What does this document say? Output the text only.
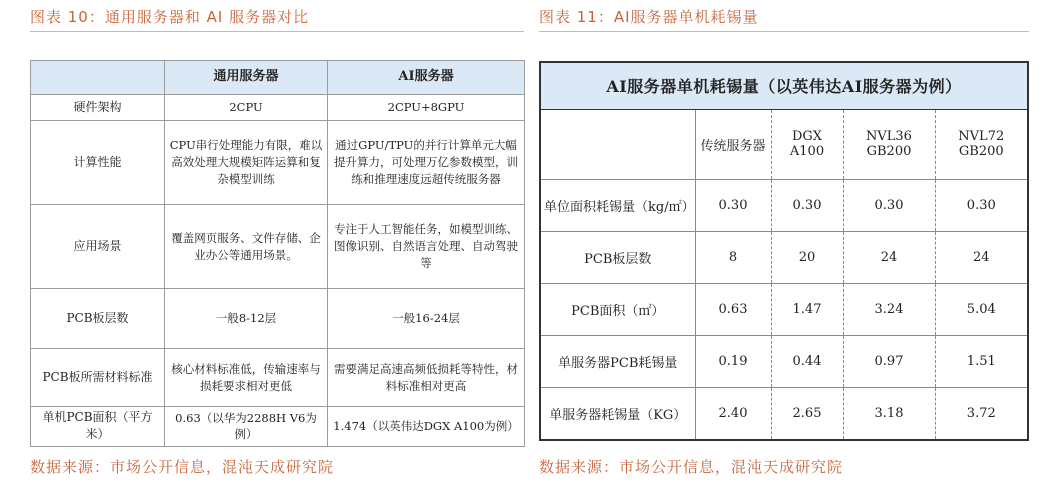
图表 10：通用服务器和 AI 服务器对比
	通用服务器	AI服务器
硬件架构	2CPU	2CPU+8GPU
计算性能	CPU串行处理能力有限，难以高效处理大规模矩阵运算和复杂模型训练	通过GPU/TPU的并行计算单元大幅提升算力，可处理万亿参数模型，训练和推理速度远超传统服务器
应用场景	覆盖网页服务、文件存储、企业办公等通用场景。	专注于人工智能任务，如模型训练、图像识别、自然语言处理、自动驾驶等
PCB板层数	一般8-12层	一般16-24层
PCB板所需材料标准	核心材料标准低，传输速率与损耗要求相对更低	需要满足高速高频低损耗等特性，材料标准相对更高
单机PCB面积（平方米）	0.63（以华为2288H V6为例）	1.474（以英伟达DGX A100为例）
数据来源：市场公开信息，混沌天成研究院
图表 11：AI服务器单机耗锡量
AI服务器单机耗锡量（以英伟达AI服务器为例）				
	传统服务器	DGX A100	NVL36 GB200	NVL72 GB200
单位面积耗锡量（kg/㎡）	0.30	0.30	0.30	0.30
PCB板层数	8	20	24	24
PCB面积（㎡）	0.63	1.47	3.24	5.04
单服务器PCB耗锡量	0.19	0.44	0.97	1.51
单服务器耗锡量（KG）	2.40	2.65	3.18	3.72
数据来源：市场公开信息，混沌天成研究院
